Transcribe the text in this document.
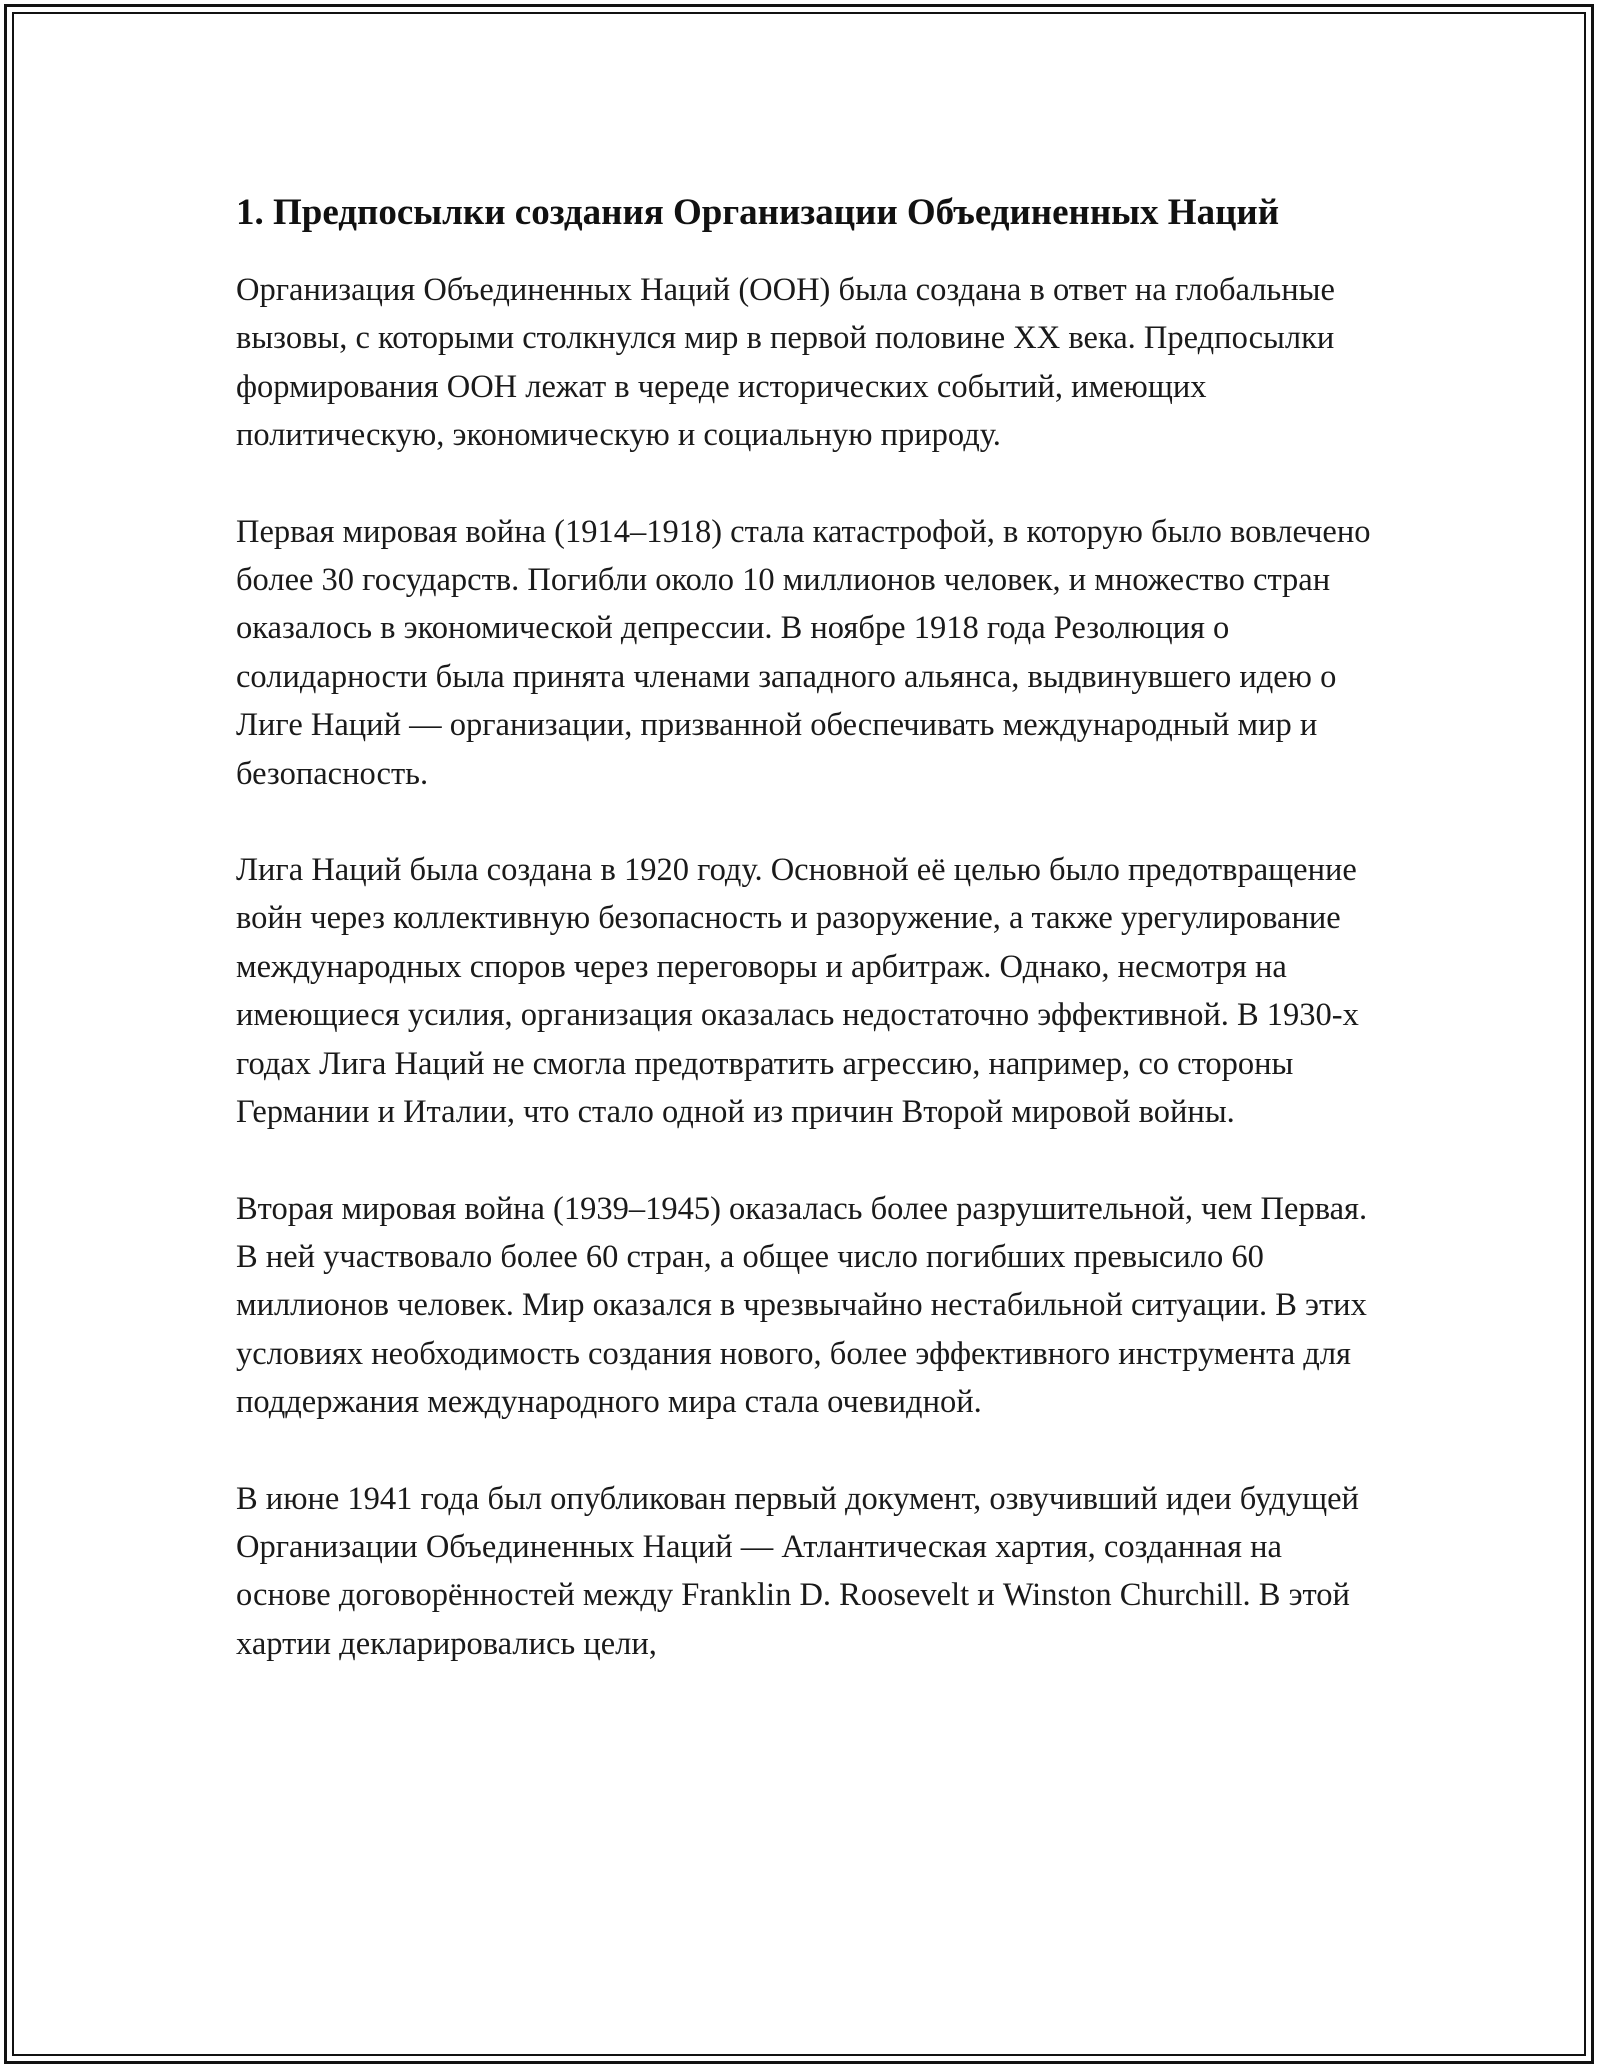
1. Предпосылки создания Организации Объединенных Наций

Организация Объединенных Наций (ООН) была создана в ответ на глобальные вызовы, с которыми столкнулся мир в первой половине XX века. Предпосылки формирования ООН лежат в череде исторических событий, имеющих политическую, экономическую и социальную природу.

Первая мировая война (1914–1918) стала катастрофой, в которую было вовлечено более 30 государств. Погибли около 10 миллионов человек, и множество стран оказалось в экономической депрессии. В ноябре 1918 года Резолюция о солидарности была принята членами западного альянса, выдвинувшего идею о Лиге Наций — организации, призванной обеспечивать международный мир и безопасность.

Лига Наций была создана в 1920 году. Основной её целью было предотвращение войн через коллективную безопасность и разоружение, а также урегулирование международных споров через переговоры и арбитраж. Однако, несмотря на имеющиеся усилия, организация оказалась недостаточно эффективной. В 1930-х годах Лига Наций не смогла предотвратить агрессию, например, со стороны Германии и Италии, что стало одной из причин Второй мировой войны.

Вторая мировая война (1939–1945) оказалась более разрушительной, чем Первая. В ней участвовало более 60 стран, а общее число погибших превысило 60 миллионов человек. Мир оказался в чрезвычайно нестабильной ситуации. В этих условиях необходимость создания нового, более эффективного инструмента для поддержания международного мира стала очевидной.

В июне 1941 года был опубликован первый документ, озвучивший идеи будущей Организации Объединенных Наций — Атлантическая хартия, созданная на основе договорённостей между Franklin D. Roosevelt и Winston Churchill. В этой хартии декларировались цели,
